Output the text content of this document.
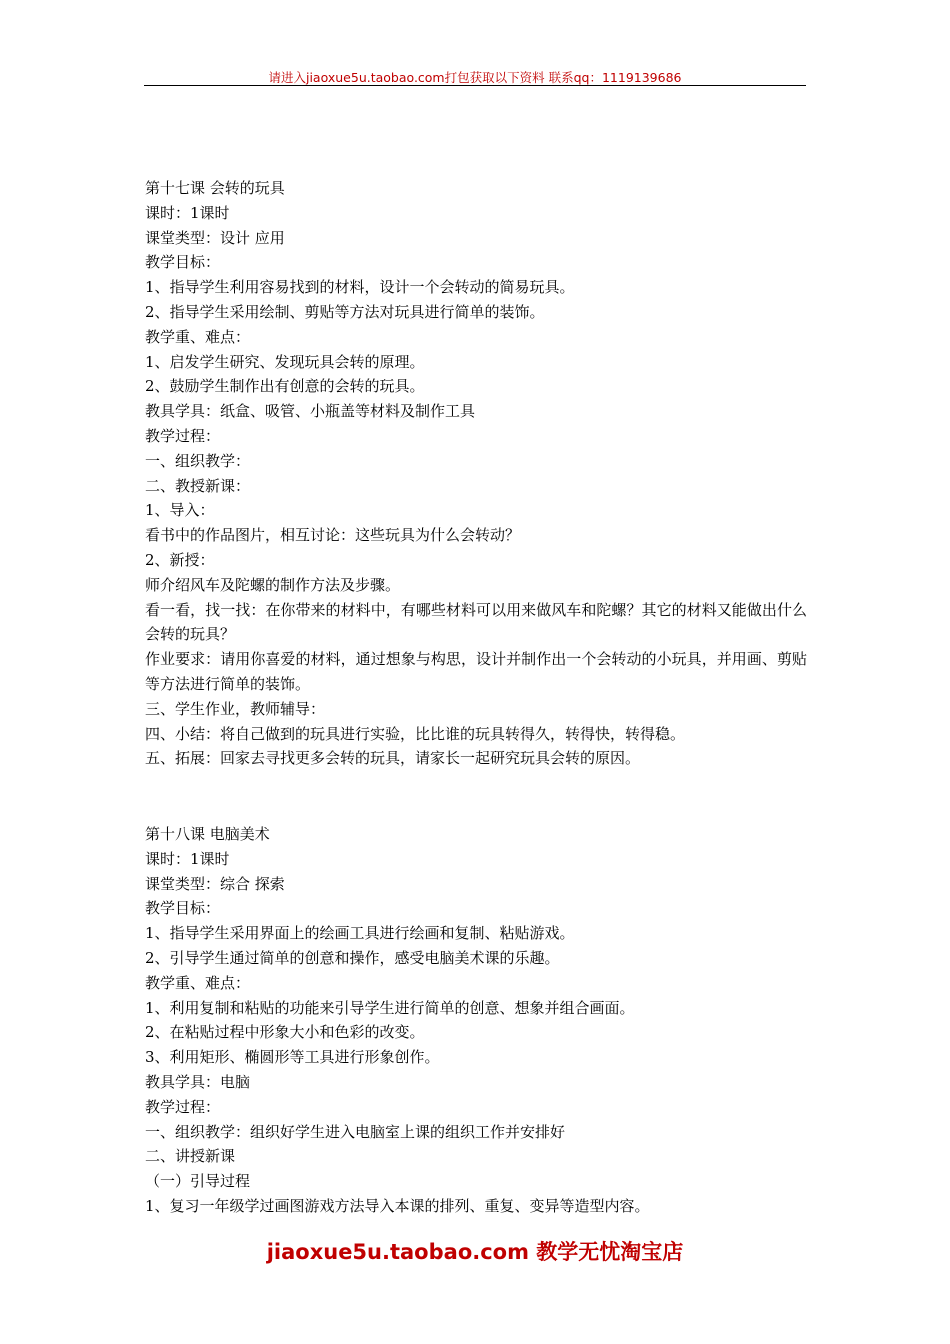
请进入jiaoxue5u.taobao.com打包获取以下资料 联系qq：1119139686
第十七课 会转的玩具
课时：1课时
课堂类型：设计 应用
教学目标：
1、指导学生利用容易找到的材料，设计一个会转动的简易玩具。
2、指导学生采用绘制、剪贴等方法对玩具进行简单的装饰。
教学重、难点：
1、启发学生研究、发现玩具会转的原理。
2、鼓励学生制作出有创意的会转的玩具。
教具学具：纸盒、吸管、小瓶盖等材料及制作工具
教学过程：
一、组织教学：
二、教授新课：
1、导入：
看书中的作品图片，相互讨论：这些玩具为什么会转动？
2、新授：
师介绍风车及陀螺的制作方法及步骤。
看一看，找一找：在你带来的材料中，有哪些材料可以用来做风车和陀螺？其它的材料又能做出什么会转的玩具？
作业要求：请用你喜爱的材料，通过想象与构思，设计并制作出一个会转动的小玩具，并用画、剪贴等方法进行简单的装饰。
三、学生作业，教师辅导：
四、小结：将自己做到的玩具进行实验，比比谁的玩具转得久，转得快，转得稳。
五、拓展：回家去寻找更多会转的玩具，请家长一起研究玩具会转的原因。
第十八课 电脑美术
课时：1课时
课堂类型：综合 探索
教学目标：
1、指导学生采用界面上的绘画工具进行绘画和复制、粘贴游戏。
2、引导学生通过简单的创意和操作，感受电脑美术课的乐趣。
教学重、难点：
1、利用复制和粘贴的功能来引导学生进行简单的创意、想象并组合画面。
2、在粘贴过程中形象大小和色彩的改变。
3、利用矩形、椭圆形等工具进行形象创作。
教具学具：电脑
教学过程：
一、组织教学：组织好学生进入电脑室上课的组织工作并安排好
二、讲授新课
（一）引导过程
1、复习一年级学过画图游戏方法导入本课的排列、重复、变异等造型内容。
jiaoxue5u.taobao.com 教学无忧淘宝店
